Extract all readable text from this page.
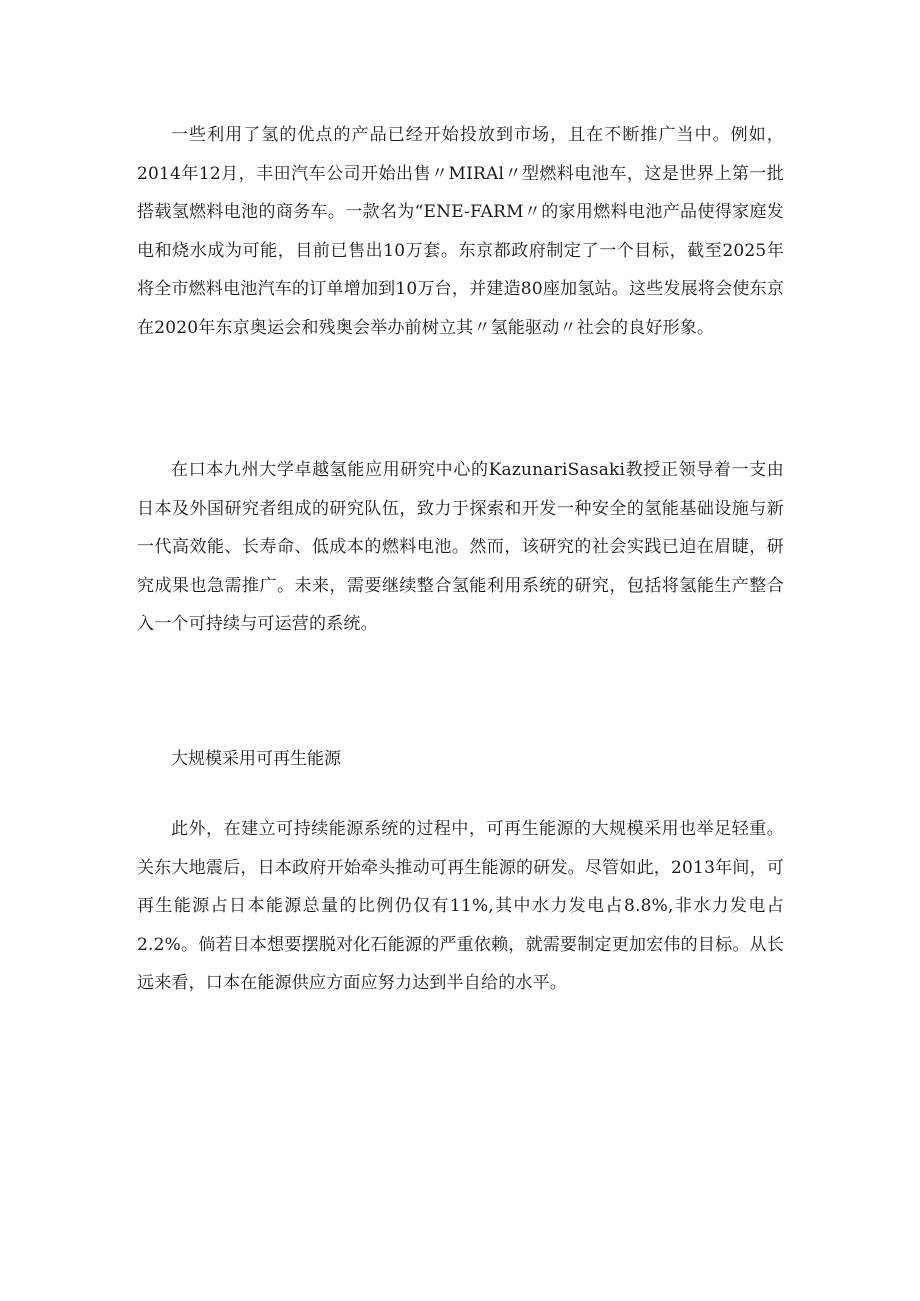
一些利用了氢的优点的产品已经开始投放到市场，且在不断推广当中。例如，2014年12月，丰田汽车公司开始出售〃MIRAl〃型燃料电池车，这是世界上第一批搭载氢燃料电池的商务车。一款名为“ENE-FARM〃的家用燃料电池产品使得家庭发电和烧水成为可能，目前已售出10万套。东京都政府制定了一个目标，截至2025年将全市燃料电池汽车的订单增加到10万台，并建造80座加氢站。这些发展将会使东京在2020年东京奥运会和残奥会举办前树立其〃氢能驱动〃社会的良好形象。

在口本九州大学卓越氢能应用研究中心的KazunariSasaki教授正领导着一支由日本及外国研究者组成的研究队伍，致力于探索和开发一种安全的氢能基础设施与新一代高效能、长寿命、低成本的燃料电池。然而，该研究的社会实践已迫在眉睫，研究成果也急需推广。未来，需要继续整合氢能利用系统的研究，包括将氢能生产整合入一个可持续与可运营的系统。

大规模采用可再生能源

此外，在建立可持续能源系统的过程中，可再生能源的大规模采用也举足轻重。关东大地震后，日本政府开始牵头推动可再生能源的研发。尽管如此，2013年间，可再生能源占日本能源总量的比例仍仅有11%,其中水力发电占8.8%,非水力发电占2.2%。倘若日本想要摆脱对化石能源的严重依赖，就需要制定更加宏伟的目标。从长远来看，口本在能源供应方面应努力达到半自给的水平。
